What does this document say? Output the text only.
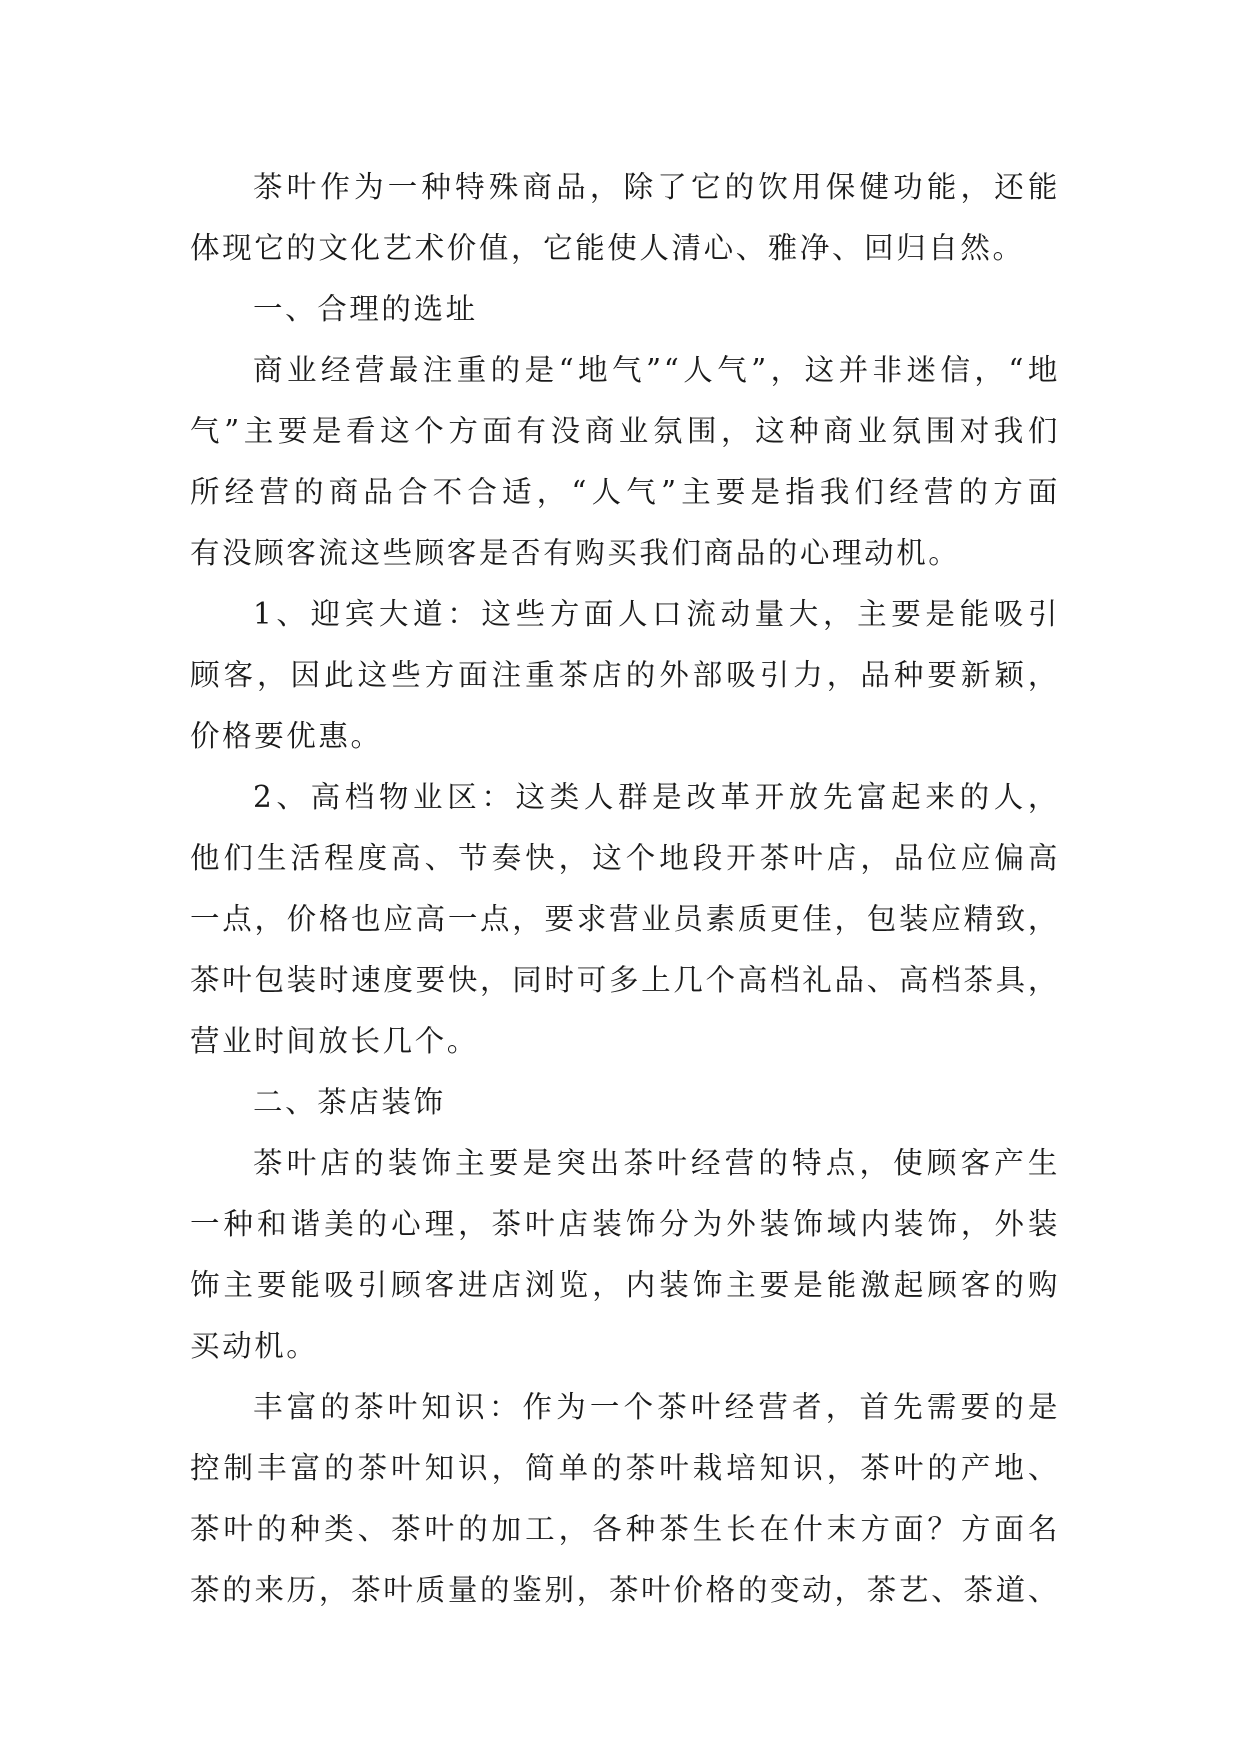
茶叶作为一种特殊商品，除了它的饮用保健功能，还能
体现它的文化艺术价值，它能使人清心、雅净、回归自然。
一、合理的选址
商业经营最注重的是“地气”“人气”，这并非迷信，“地
气”主要是看这个方面有没商业氛围，这种商业氛围对我们
所经营的商品合不合适，“人气”主要是指我们经营的方面
有没顾客流这些顾客是否有购买我们商品的心理动机。
1、迎宾大道：这些方面人口流动量大，主要是能吸引
顾客，因此这些方面注重茶店的外部吸引力，品种要新颖，
价格要优惠。
2、高档物业区：这类人群是改革开放先富起来的人，
他们生活程度高、节奏快，这个地段开茶叶店，品位应偏高
一点，价格也应高一点，要求营业员素质更佳，包装应精致，
茶叶包装时速度要快，同时可多上几个高档礼品、高档茶具，
营业时间放长几个。
二、茶店装饰
茶叶店的装饰主要是突出茶叶经营的特点，使顾客产生
一种和谐美的心理，茶叶店装饰分为外装饰域内装饰，外装
饰主要能吸引顾客进店浏览，内装饰主要是能激起顾客的购
买动机。
丰富的茶叶知识：作为一个茶叶经营者，首先需要的是
控制丰富的茶叶知识，简单的茶叶栽培知识，茶叶的产地、
茶叶的种类、茶叶的加工，各种茶生长在什末方面？方面名
茶的来历，茶叶质量的鉴别，茶叶价格的变动，茶艺、茶道、
